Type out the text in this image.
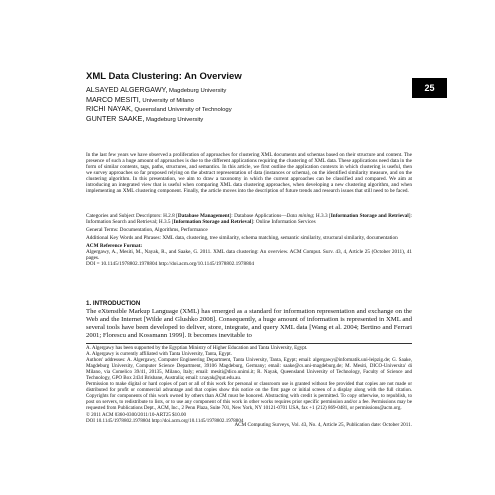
XML Data Clustering: An Overview
25
ALSAYED ALGERGAWY, Magdeburg University
MARCO MESITI, University of Milano
RICHI NAYAK, Queensland University of Technology
GUNTER SAAKE, Magdeburg University

In the last few years we have observed a proliferation of approaches for clustering XML documents and schemas based on their structure and content. The presence of such a huge amount of approaches is due to the different applications requiring the clustering of XML data. These applications need data in the form of similar contents, tags, paths, structures, and semantics. In this article, we first outline the application contexts in which clustering is useful, then we survey approaches so far proposed relying on the abstract representation of data (instances or schema), on the identified similarity measure, and on the clustering algorithm. In this presentation, we aim to draw a taxonomy in which the current approaches can be classified and compared. We aim at introducing an integrated view that is useful when comparing XML data clustering approaches, when developing a new clustering algorithm, and when implementing an XML clustering component. Finally, the article moves into the description of future trends and research issues that still need to be faced.

Categories and Subject Descriptors: H.2.8 [Database Management]: Database Applications—Data mining; H.3.3 [Information Storage and Retrieval]: Information Search and Retrieval; H.3.5 [Information Storage and Retrieval]: Online Information Services

General Terms: Documentation, Algorithms, Performance

Additional Key Words and Phrases: XML data, clustering, tree similarity, schema matching, semantic similarity, structural similarity, documentation

ACM Reference Format:

Algergawy, A., Mesiti, M., Nayak, R., and Saake, G. 2011. XML data clustering: An overview. ACM Comput. Surv. 43, 4, Article 25 (October 2011), 41 pages.

DOI = 10.1145/1978802.1978804 http://doi.acm.org/10.1145/1978802.1978804

1. INTRODUCTION
The eXtensible Markup Language (XML) has emerged as a standard for information representation and exchange on the Web and the Internet [Wilde and Glushko 2008]. Consequently, a huge amount of information is represented in XML and several tools have been developed to deliver, store, integrate, and query XML data [Wang et al. 2004; Bertino and Ferrari 2001; Florescu and Kossmann 1999]. It becomes inevitable to

A. Algergawy has been supported by the Egyptian Ministry of Higher Education and Tanta University, Egypt.

A. Algergawy is currently affiliated with Tanta University, Tanta, Egypt.

Authors' addresses: A. Algergawy, Computer Engineering Department, Tanta University, Tanta, Egypt; email: algergawy@informatik.uni-leipzig.de; G. Saake, Magdeburg University, Computer Science Department, 39106 Magdeburg, Germany; email: saake@cs.uni-magdeburg.de; M. Mesiti, DICO-Universita' di Milano, via Comelico 39/41, 20135, Milano, Italy; email: mesiti@dico.unimi.it; R. Nayak, Queensland University of Technology, Faculty of Science and Technology, GPO Box 2434 Brisbane, Australia; email: r.nayak@qut.edu.au.

Permission to make digital or hard copies of part or all of this work for personal or classroom use is granted without fee provided that copies are not made or distributed for profit or commercial advantage and that copies show this notice on the first page or initial screen of a display along with the full citation. Copyrights for components of this work owned by others than ACM must be honored. Abstracting with credit is permitted. To copy otherwise, to republish, to post on servers, to redistribute to lists, or to use any component of this work in other works requires prior specific permission and/or a fee. Permissions may be requested from Publications Dept., ACM, Inc., 2 Penn Plaza, Suite 701, New York, NY 10121-0701 USA, fax +1 (212) 869-0481, or permissions@acm.org.

© 2011 ACM 0360-0300/2011/10-ART25 $10.00

DOI 10.1145/1978802.1978804 http://doi.acm.org/10.1145/1978802.1978804

ACM Computing Surveys, Vol. 43, No. 4, Article 25, Publication date: October 2011.
